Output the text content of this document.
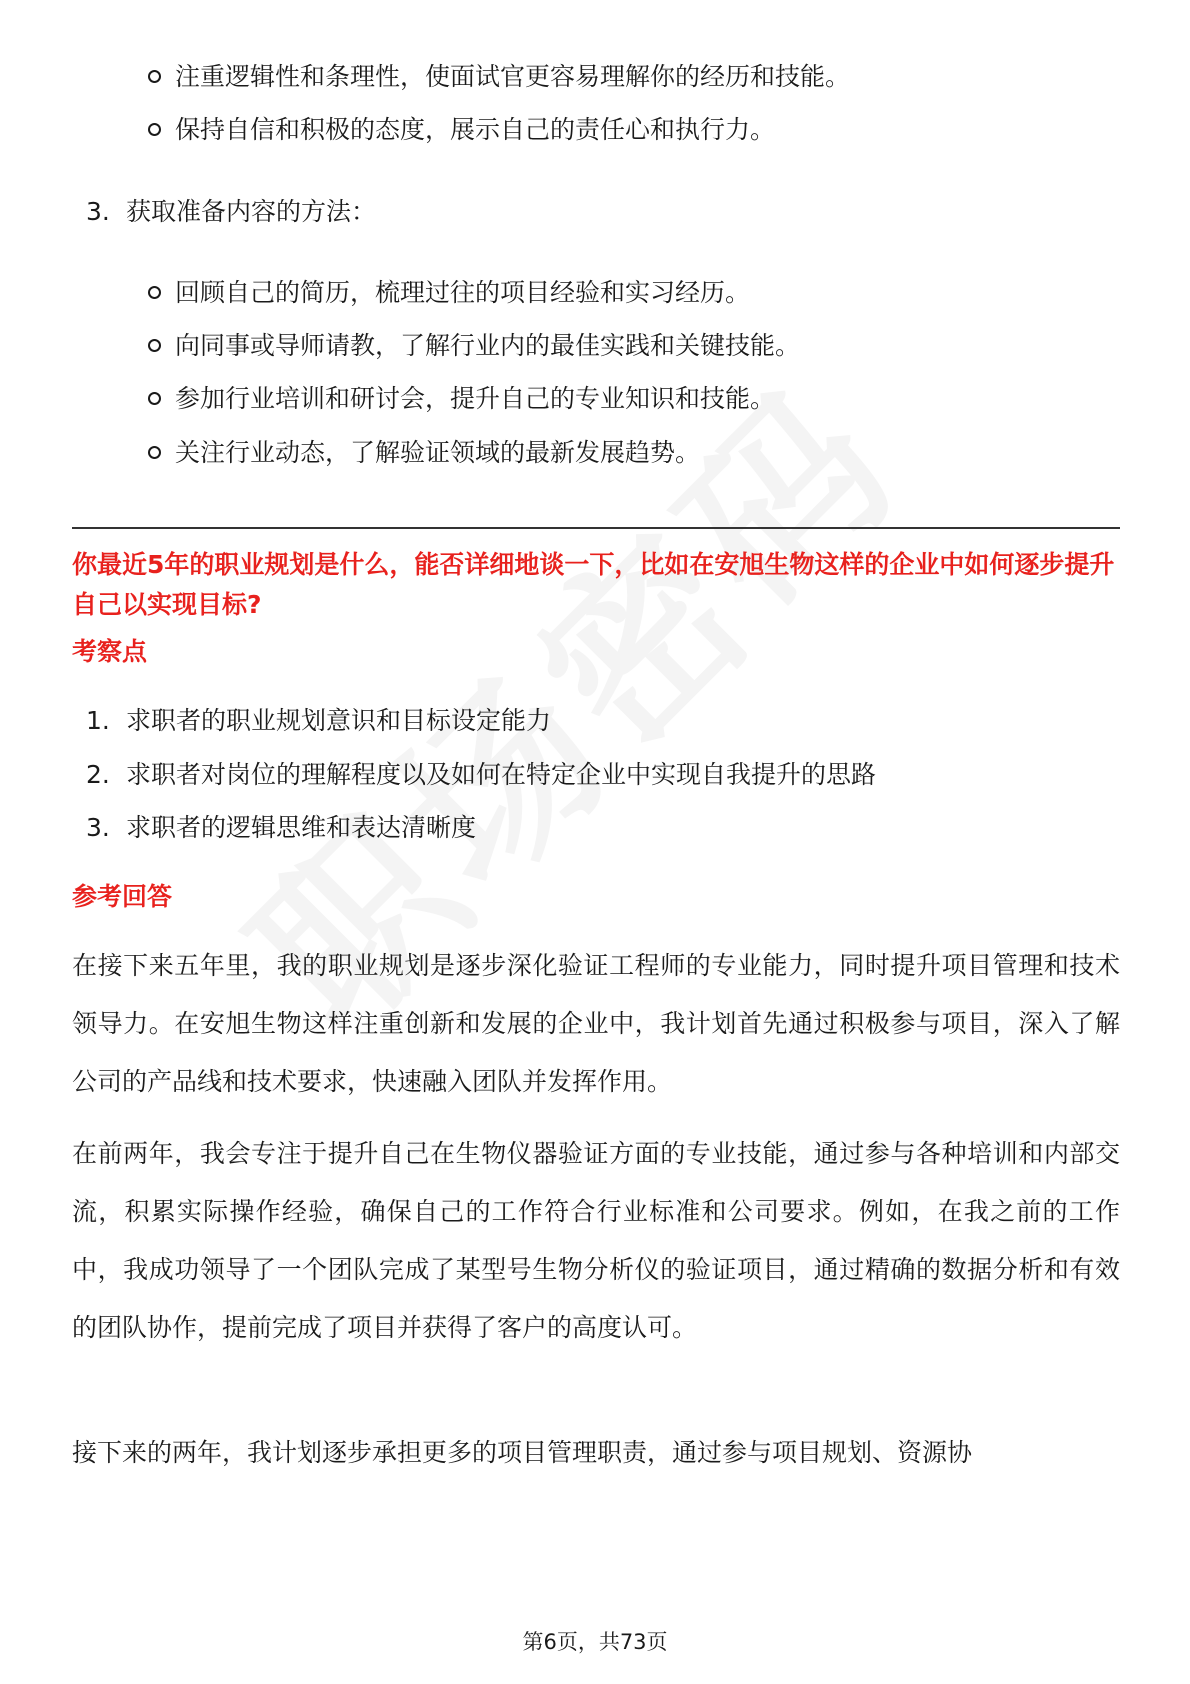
注重逻辑性和条理性，使面试官更容易理解你的经历和技能。
保持自信和积极的态度，展示自己的责任心和执行力。
3. 获取准备内容的方法：
回顾自己的简历，梳理过往的项目经验和实习经历。
向同事或导师请教，了解行业内的最佳实践和关键技能。
参加行业培训和研讨会，提升自己的专业知识和技能。
关注行业动态，了解验证领域的最新发展趋势。
你最近5年的职业规划是什么，能否详细地谈一下，比如在安旭生物这样的企业中如何逐步提升自己以实现目标?
考察点
1. 求职者的职业规划意识和目标设定能力
2. 求职者对岗位的理解程度以及如何在特定企业中实现自我提升的思路
3. 求职者的逻辑思维和表达清晰度
参考回答
在接下来五年里，我的职业规划是逐步深化验证工程师的专业能力，同时提升项目管理和技术领导力。在安旭生物这样注重创新和发展的企业中，我计划首先通过积极参与项目，深入了解公司的产品线和技术要求，快速融入团队并发挥作用。
在前两年，我会专注于提升自己在生物仪器验证方面的专业技能，通过参与各种培训和内部交流，积累实际操作经验，确保自己的工作符合行业标准和公司要求。例如，在我之前的工作中，我成功领导了一个团队完成了某型号生物分析仪的验证项目，通过精确的数据分析和有效的团队协作，提前完成了项目并获得了客户的高度认可。
接下来的两年，我计划逐步承担更多的项目管理职责，通过参与项目规划、资源协
第6页，共73页
